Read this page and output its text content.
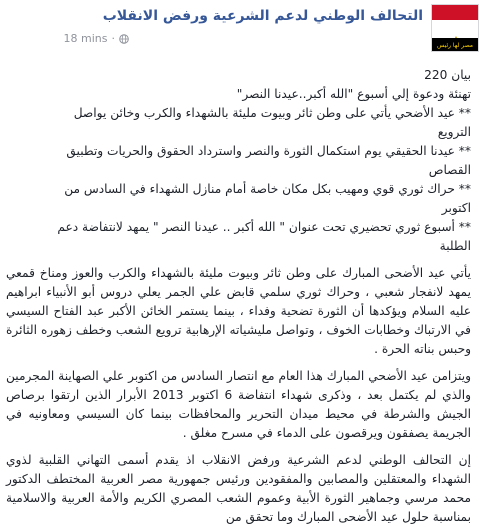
مصر لها رئيس
التحالف الوطني لدعم الشرعية ورفض الانقلاب
18 mins ·

بيان 220

تهنئة ودعوة إلي أسبوع "الله أكبر..عيدنا النصر"

** عيد الأضحي يأتي على وطن ثائر وبيوت مليئة بالشهداء والكرب وخائن يواصل

الترويع

** عيدنا الحقيقي يوم استكمال الثورة والنصر واسترداد الحقوق والحريات وتطبيق

القصاص

** حراك ثوري قوي ومهيب بكل مكان خاصة أمام منازل الشهداء في السادس من

اكتوبر

** أسبوع ثوري تحضيري تحت عنوان " الله أكبر .. عيدنا النصر " يمهد لانتفاضة دعم

الطلبة

يأتي عيد الأضحى المبارك على وطن ثائر وبيوت مليئة بالشهداء والكرب والعوز ومناخ قمعي يمهد لانفجار شعبي ، وحراك ثوري سلمي قابض علي الجمر يعلي دروس أبو الأنبياء ابراهيم عليه السلام ويؤكدها أن الثورة تضحية وفداء ، بينما يستمر الخائن الأكبر عبد الفتاح السيسي في الارتباك وخطابات الخوف ، وتواصل مليشياته الإرهابية ترويع الشعب وخطف زهوره الثائرة وحبس بناته الحرة .

ويتزامن عيد الأضحي المبارك هذا العام مع انتصار السادس من اكتوبر علي الصهاينة المجرمين والذي لم يكتمل بعد ، وذكرى شهداء انتفاضة 6 اكتوبر 2013 الأبرار الذين ارتقوا برصاص الجيش والشرطة في محيط ميدان التحرير والمحافظات بينما كان السيسي ومعاونيه في الجريمة يصفقون ويرقصون على الدماء في مسرح مغلق .

إن التحالف الوطني لدعم الشرعية ورفض الانقلاب اذ يقدم أسمى التهاني القلبية لذوي الشهداء والمعتقلين والمصابين والمفقودين ورئيس جمهورية مصر العربية المختطف الدكتور محمد مرسي وجماهير الثورة الأبية وعموم الشعب المصري الكريم والأمة العربية والاسلامية بمناسبة حلول عيد الأضحى المبارك وما تحقق من
